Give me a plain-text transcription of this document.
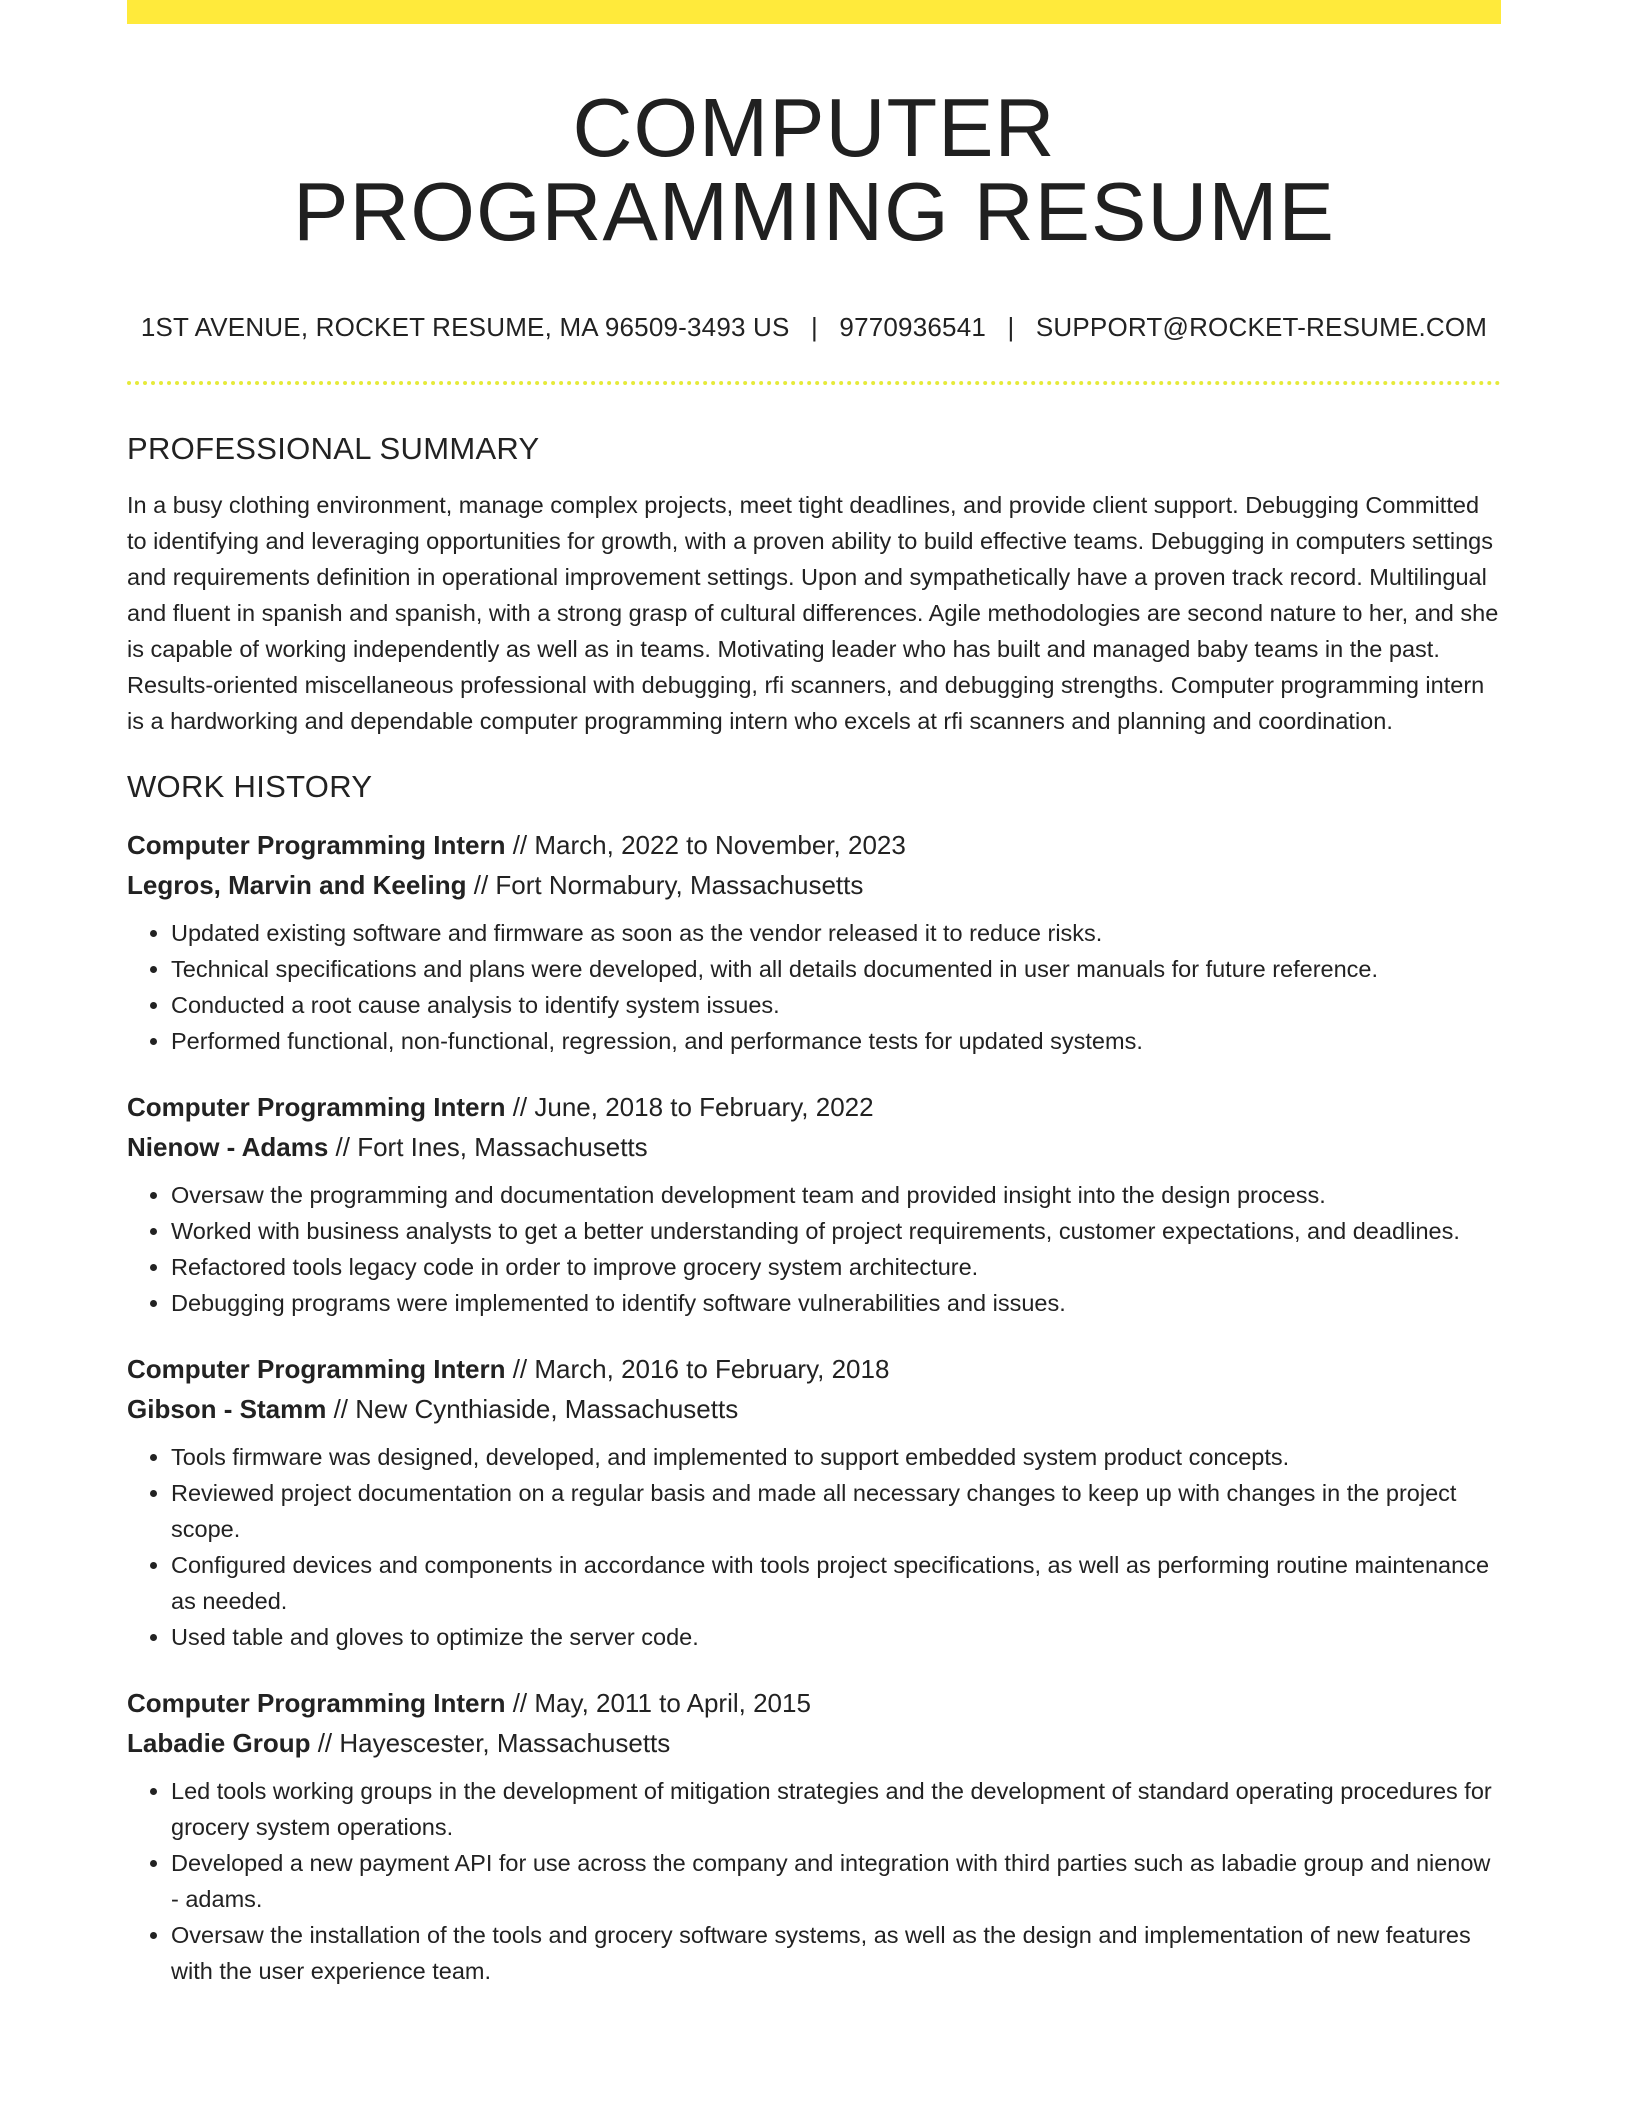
COMPUTER
PROGRAMMING RESUME
1ST AVENUE, ROCKET RESUME, MA 96509-3493 US | 9770936541 | SUPPORT@ROCKET-RESUME.COM
PROFESSIONAL SUMMARY

In a busy clothing environment, manage complex projects, meet tight deadlines, and provide client support. Debugging Committed to identifying and leveraging opportunities for growth, with a proven ability to build effective teams. Debugging in computers settings and requirements definition in operational improvement settings. Upon and sympathetically have a proven track record. Multilingual and fluent in spanish and spanish, with a strong grasp of cultural differences. Agile methodologies are second nature to her, and she is capable of working independently as well as in teams. Motivating leader who has built and managed baby teams in the past. Results-oriented miscellaneous professional with debugging, rfi scanners, and debugging strengths. Computer programming intern is a hardworking and dependable computer programming intern who excels at rfi scanners and planning and coordination.

WORK HISTORY
Computer Programming Intern // March, 2022 to November, 2023
Legros, Marvin and Keeling // Fort Normabury, Massachusetts
• Updated existing software and firmware as soon as the vendor released it to reduce risks.
• Technical specifications and plans were developed, with all details documented in user manuals for future reference.
• Conducted a root cause analysis to identify system issues.
• Performed functional, non-functional, regression, and performance tests for updated systems.
Computer Programming Intern // June, 2018 to February, 2022
Nienow - Adams // Fort Ines, Massachusetts
• Oversaw the programming and documentation development team and provided insight into the design process.
• Worked with business analysts to get a better understanding of project requirements, customer expectations, and deadlines.
• Refactored tools legacy code in order to improve grocery system architecture.
• Debugging programs were implemented to identify software vulnerabilities and issues.
Computer Programming Intern // March, 2016 to February, 2018
Gibson - Stamm // New Cynthiaside, Massachusetts
• Tools firmware was designed, developed, and implemented to support embedded system product concepts.
• Reviewed project documentation on a regular basis and made all necessary changes to keep up with changes in the project scope.
• Configured devices and components in accordance with tools project specifications, as well as performing routine maintenance as needed.
• Used table and gloves to optimize the server code.
Computer Programming Intern // May, 2011 to April, 2015
Labadie Group // Hayescester, Massachusetts
• Led tools working groups in the development of mitigation strategies and the development of standard operating procedures for grocery system operations.
• Developed a new payment API for use across the company and integration with third parties such as labadie group and nienow - adams.
• Oversaw the installation of the tools and grocery software systems, as well as the design and implementation of new features with the user experience team.
